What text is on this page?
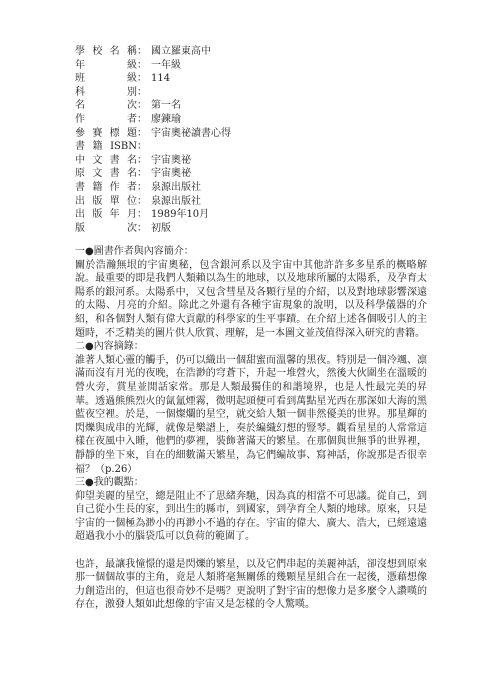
學校名稱 ： 國立羅東高中
年　級 ： 一年級
班　級 ： 114
科　別 ：
名　次 ： 第一名
作　者 ： 廖鍊瑜
參賽標題 ： 宇宙奧祕讀書心得
書籍ISBN ：
中文書名 ： 宇宙奧祕
原文書名 ： 宇宙奧祕
書籍作者 ： 泉源出版社
出版單位 ： 泉源出版社
出版年月 ： 1989年10月
版　次 ： 初版
一●圖書作者與內容簡介：
關於浩瀚無垠的宇宙奧秘，包含銀河系以及宇宙中其他許許多多星系的概略解說。最重要的即是我們人類賴以為生的地球，以及地球所屬的太陽系，及孕育太陽系的銀河系。太陽系中，又包含彗星及各顆行星的介紹，以及對地球影響深遠的太陽、月亮的介紹。除此之外還有各種宇宙現象的說明，以及科學儀器的介紹，和各個對人類有偉大貢獻的科學家的生平事蹟。在介紹上述各個吸引人的主題時，不乏精美的圖片供人欣賞、理解，是一本圖文並茂值得深入研究的書籍。
二●內容摘錄：
誰著人類心靈的觸手，仍可以織出一個甜蜜而溫馨的黑夜。特別是一個冷颯、凛滿而沒有月光的夜晚，在浩渺的穹蒼下，升起一堆營火，然後大伙圍坐在溫暖的營火旁，賞星並閒話家常。那是人類最獨佳的和諧境界，也是人性最完美的昇華。透過熊熊烈火的氤氳煙霧，微明起頭便可看到萬點星光西在那深如大海的黑藍夜空裡。於是，一個燦爛的星空，就交給人類一個非然優美的世界。那星輝的閃爍與成串的光輝，就像是樂譜上，奏於編織幻想的豎琴。觀看星星的人常常這樣在夜風中入睡，他們的夢裡，裝飾著滿天的繁星。在那個與世無爭的世界裡，靜靜的坐下來，自在的細數滿天繁星，為它們編故事、寫神話，你說那是否很幸福？（p.26）
三●我的觀點：
仰望美麗的星空，總是阻止不了思緒奔馳，因為真的相當不可思議。從自己，到自己從小生長的家，到出生的縣市，到國家，到孕育全人類的地球。原來，只是宇宙的一個極為渺小的再渺小不過的存在。宇宙的偉大、廣大、浩大，已經遠遠超過我小小的腦袋瓜可以負荷的範圍了。
也許，最讓我憧憬的還是閃爍的繁星，以及它們串起的美麗神話，卻沒想到原來那一個個故事的主角，竟是人類將毫無關係的幾顆星星組合在一起後，憑藉想像力創造出的，但這也很奇妙不是嗎？更說明了對宇宙的想像力是多麼令人讚嘆的存在，激發人類如此想像的宇宙又是怎樣的令人驚嘆。
